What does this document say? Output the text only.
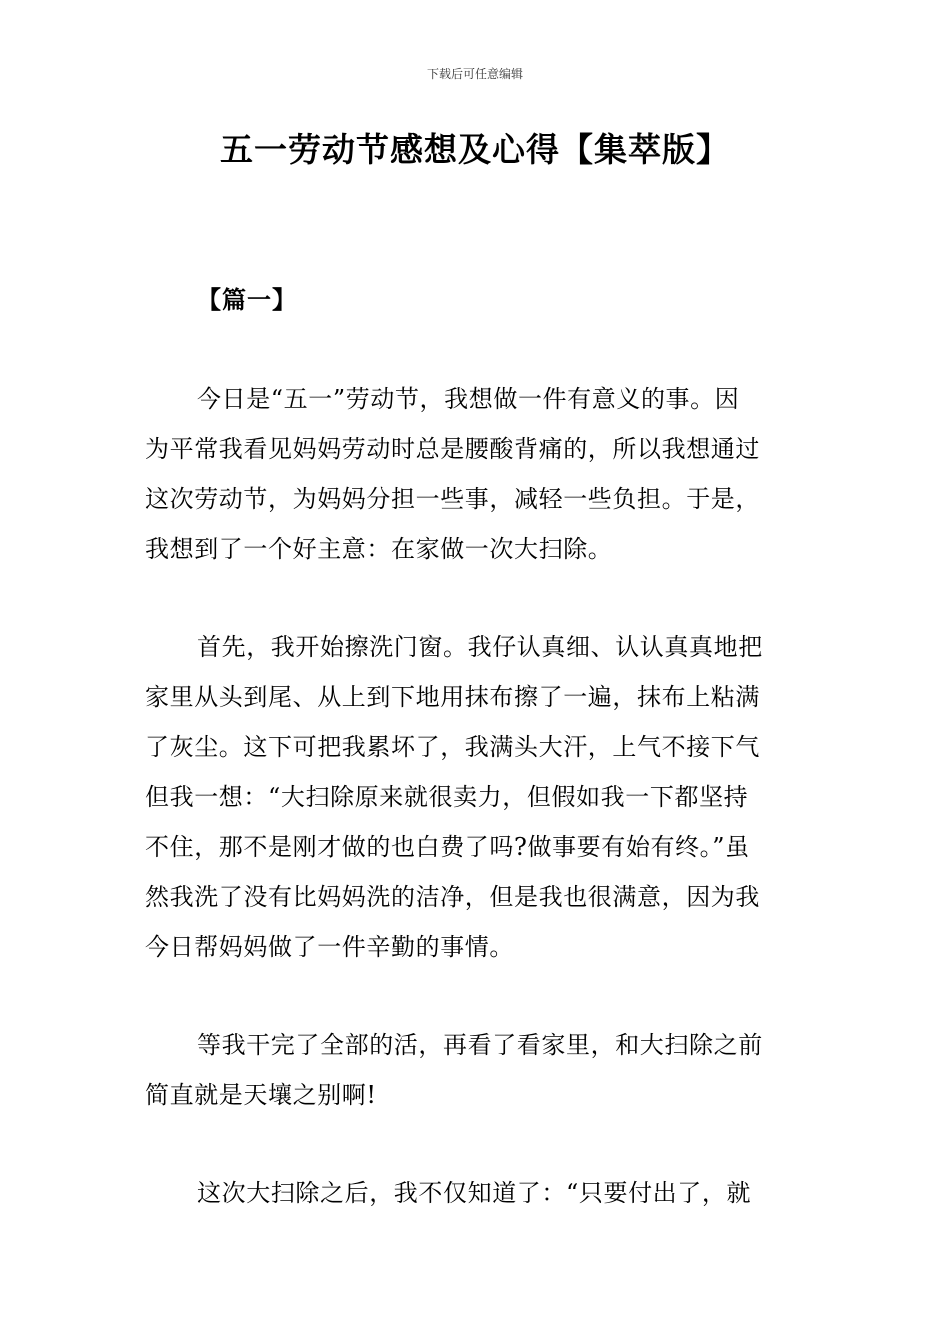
下载后可任意编辑
五一劳动节感想及心得【集萃版】
【篇一】

今日是“五一”劳动节，我想做一件有意义的事。因
为平常我看见妈妈劳动时总是腰酸背痛的，所以我想通过
这次劳动节，为妈妈分担一些事，减轻一些负担。于是，
我想到了一个好主意：在家做一次大扫除。

首先，我开始擦洗门窗。我仔认真细、认认真真地把
家里从头到尾、从上到下地用抹布擦了一遍，抹布上粘满
了灰尘。这下可把我累坏了，我满头大汗，上气不接下气
但我一想：“大扫除原来就很卖力，但假如我一下都坚持
不住，那不是刚才做的也白费了吗?做事要有始有终。”虽
然我洗了没有比妈妈洗的洁净，但是我也很满意，因为我
今日帮妈妈做了一件辛勤的事情。

等我干完了全部的活，再看了看家里，和大扫除之前
简直就是天壤之别啊!

这次大扫除之后，我不仅知道了：“只要付出了，就
